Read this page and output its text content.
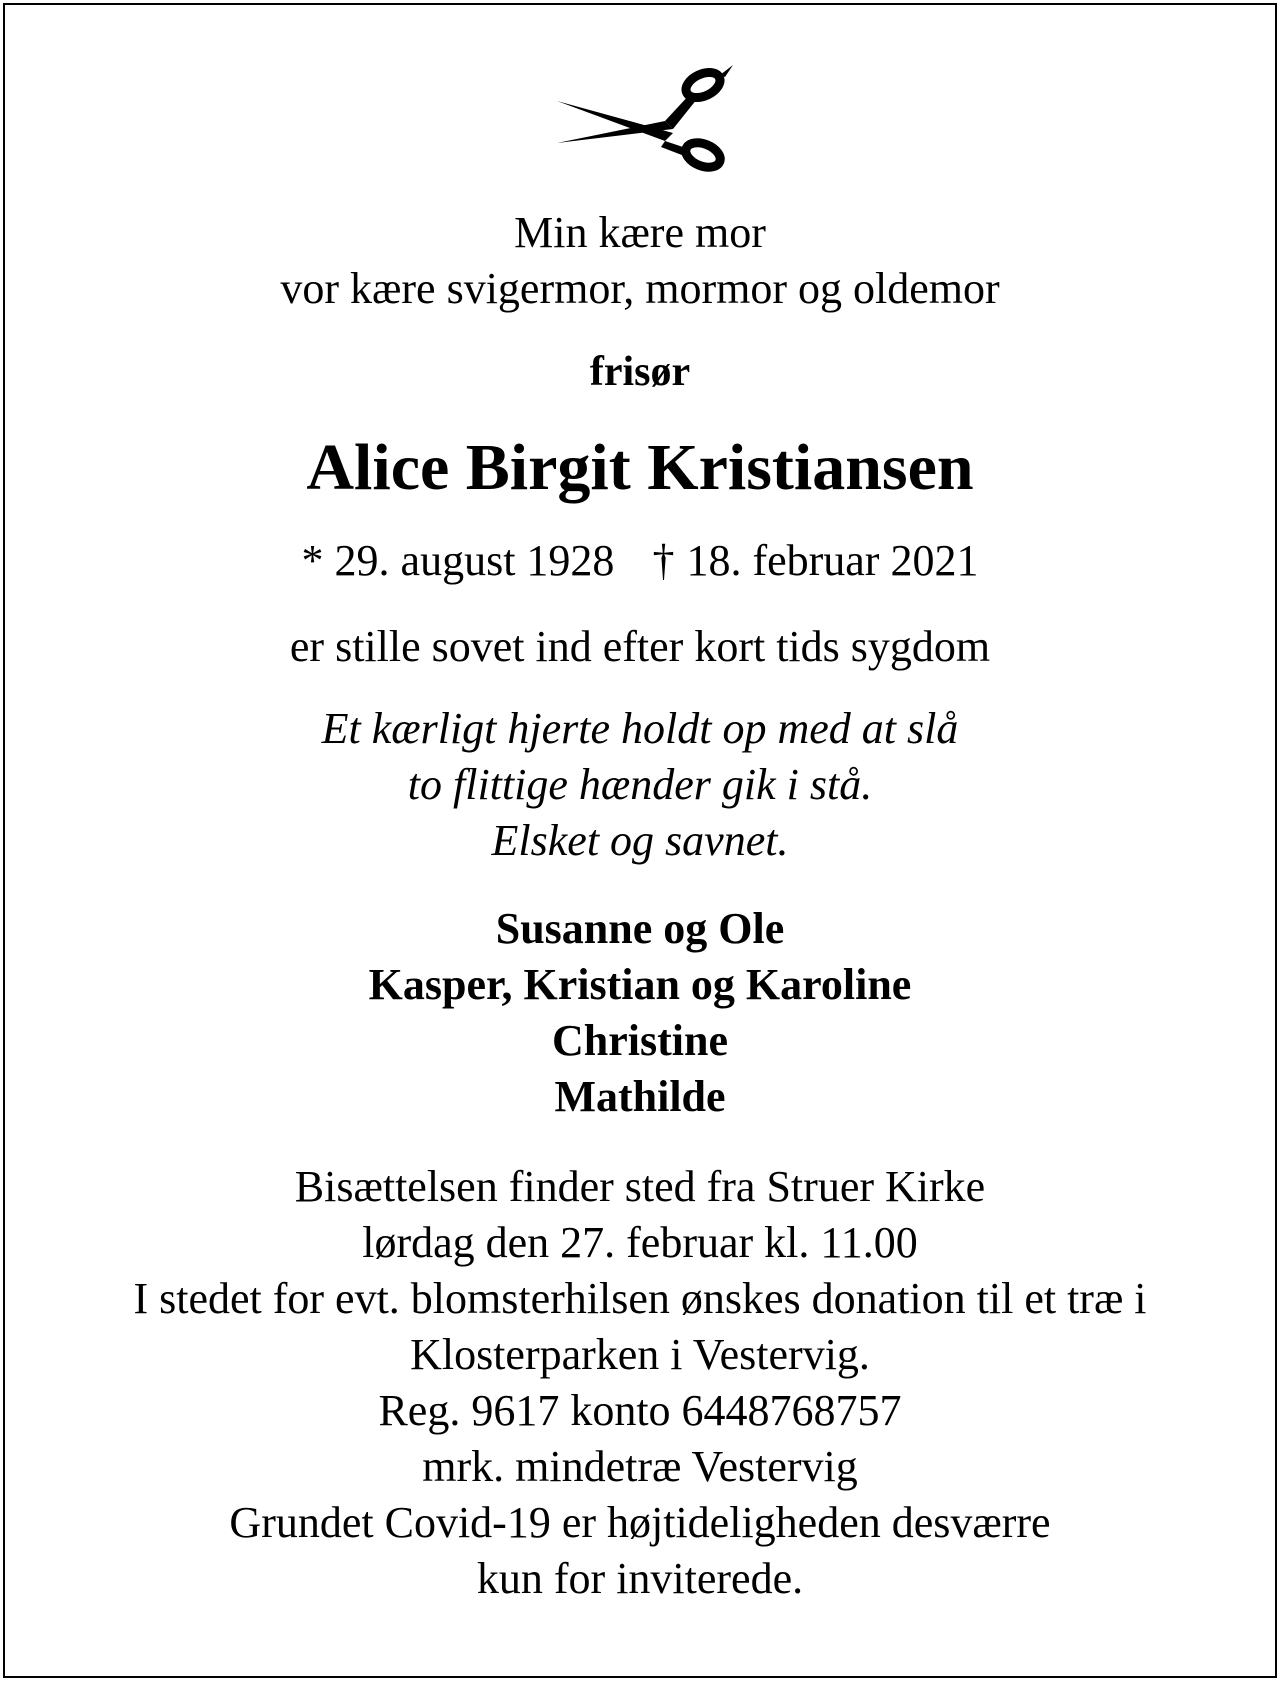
Min kære mor
vor kære svigermor, mormor og oldemor
frisør
Alice Birgit Kristiansen
* 29. august 1928 † 18. februar 2021
er stille sovet ind efter kort tids sygdom
Et kærligt hjerte holdt op med at slå
to flittige hænder gik i stå.
Elsket og savnet.
Susanne og Ole
Kasper, Kristian og Karoline
Christine
Mathilde
Bisættelsen finder sted fra Struer Kirke
lørdag den 27. februar kl. 11.00
I stedet for evt. blomsterhilsen ønskes donation til et træ i
Klosterparken i Vestervig.
Reg. 9617 konto 6448768757
mrk. mindetræ Vestervig
Grundet Covid-19 er højtideligheden desværre
kun for inviterede.
